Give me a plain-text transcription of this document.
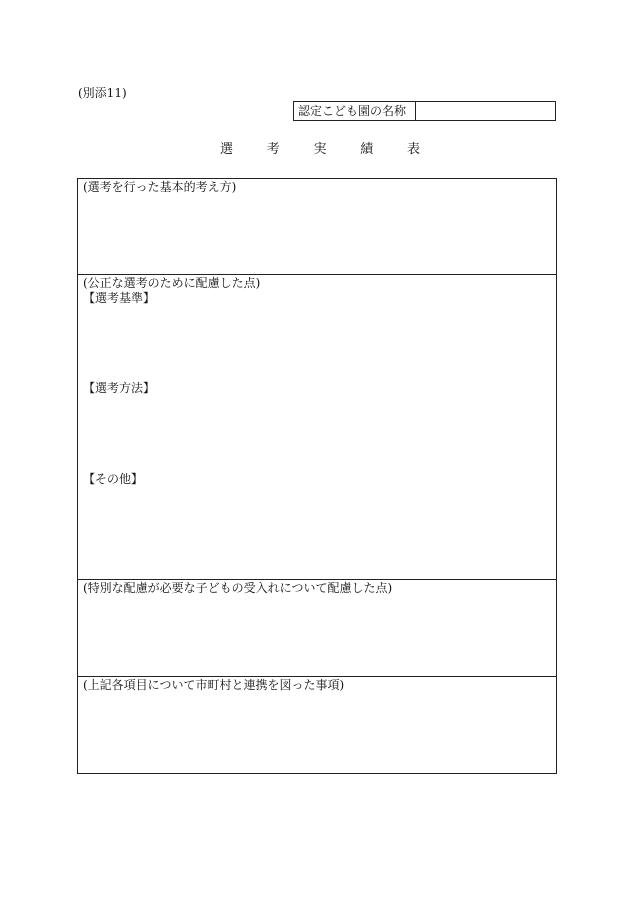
(別添11)
認定こども園の名称
選	考	実	績	表
(選考を行った基本的考え方)
(公正な選考のために配慮した点)
【選考基準】
【選考方法】
【その他】
(特別な配慮が必要な子どもの受入れについて配慮した点)
(上記各項目について市町村と連携を図った事項)
